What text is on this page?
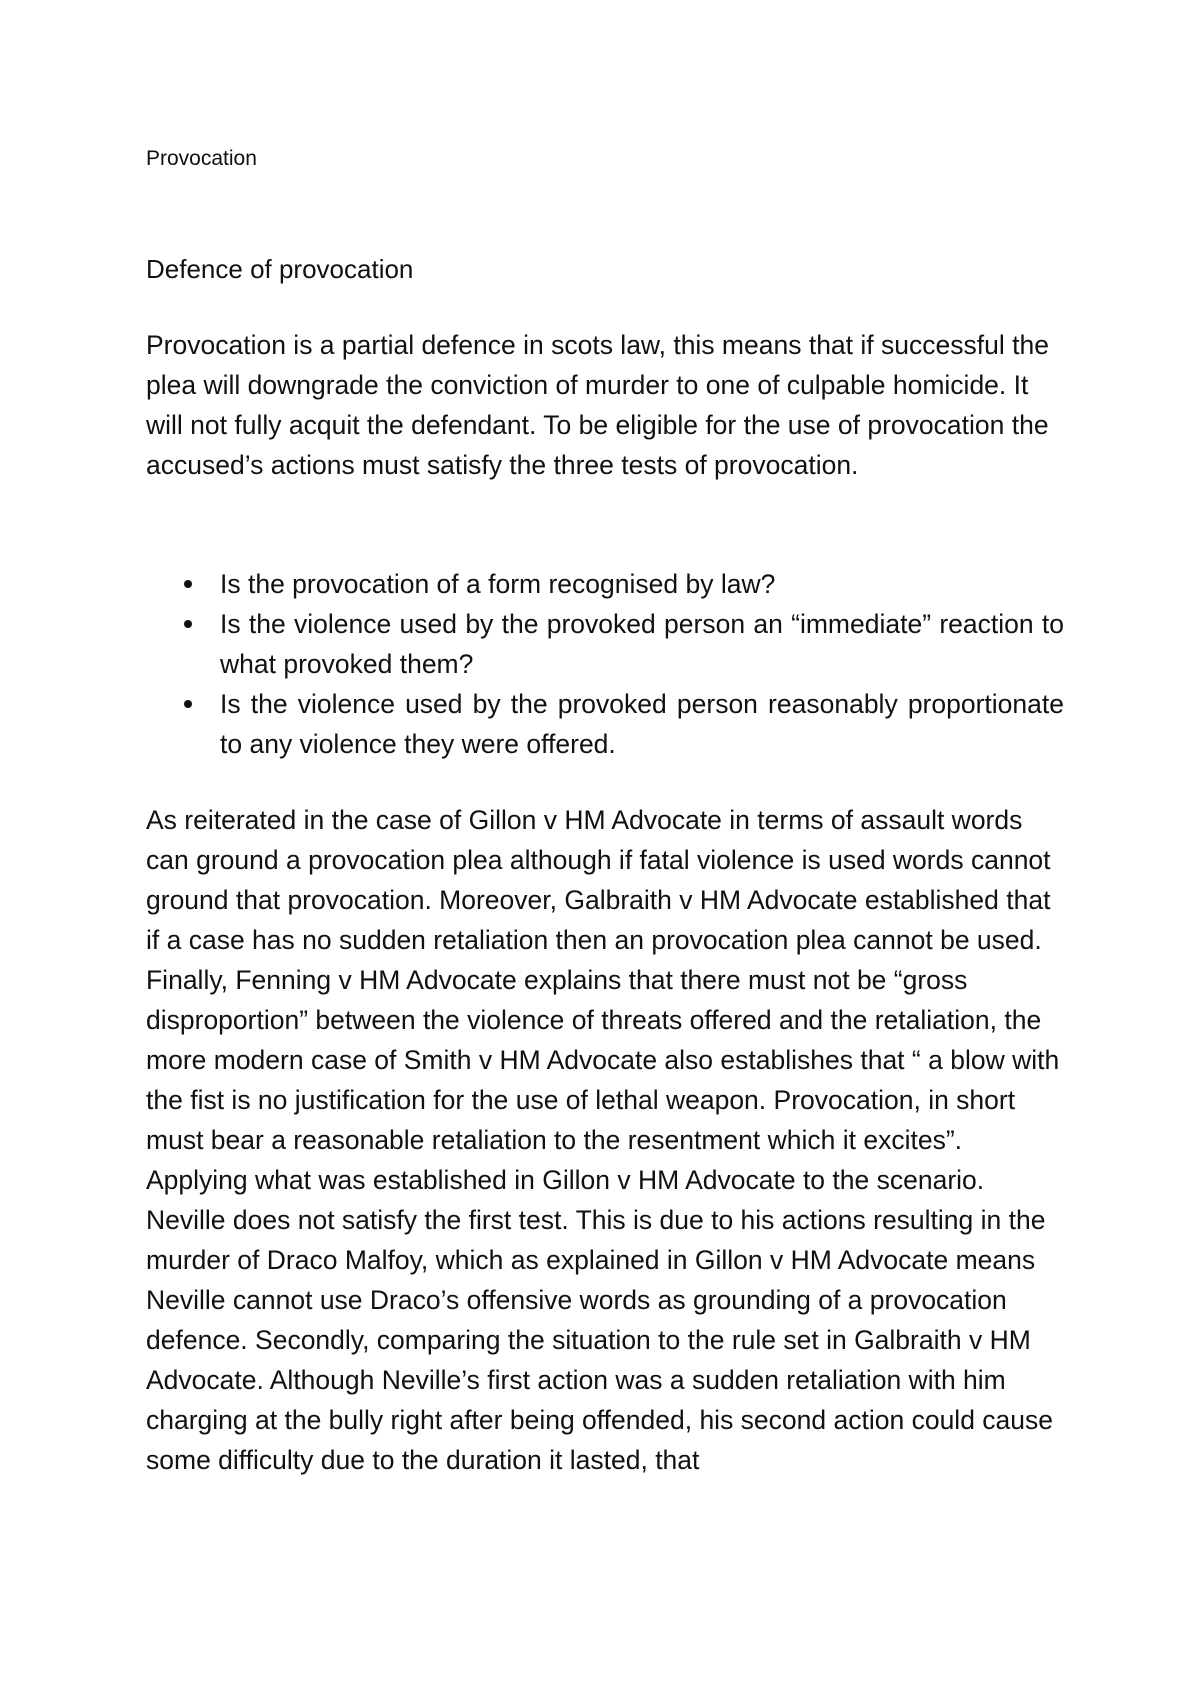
Provocation
Defence of provocation

Provocation is a partial defence in scots law, this means that if successful the plea will downgrade the conviction of murder to one of culpable homicide. It will not fully acquit the defendant. To be eligible for the use of provocation the accused’s actions must satisfy the three tests of provocation.

Is the provocation of a form recognised by law?
Is the violence used by the provoked person an “immediate” reaction to what provoked them?
Is the violence used by the provoked person reasonably proportionate to any violence they were offered.

As reiterated in the case of Gillon v HM Advocate in terms of assault words can ground a provocation plea although if fatal violence is used words cannot ground that provocation. Moreover, Galbraith v HM Advocate established that if a case has no sudden retaliation then an provocation plea cannot be used. Finally, Fenning v HM Advocate explains that there must not be “gross disproportion” between the violence of threats offered and the retaliation, the more modern case of Smith v HM Advocate also establishes that “ a blow with the fist is no justification for the use of lethal weapon. Provocation, in short must bear a reasonable retaliation to the resentment which it excites”. Applying what was established in Gillon v HM Advocate to the scenario. Neville does not satisfy the first test. This is due to his actions resulting in the murder of Draco Malfoy, which as explained in Gillon v HM Advocate means Neville cannot use Draco’s offensive words as grounding of a provocation defence. Secondly, comparing the situation to the rule set in Galbraith v HM Advocate. Although Neville’s first action was a sudden retaliation with him charging at the bully right after being offended, his second action could cause some difficulty due to the duration it lasted, that
